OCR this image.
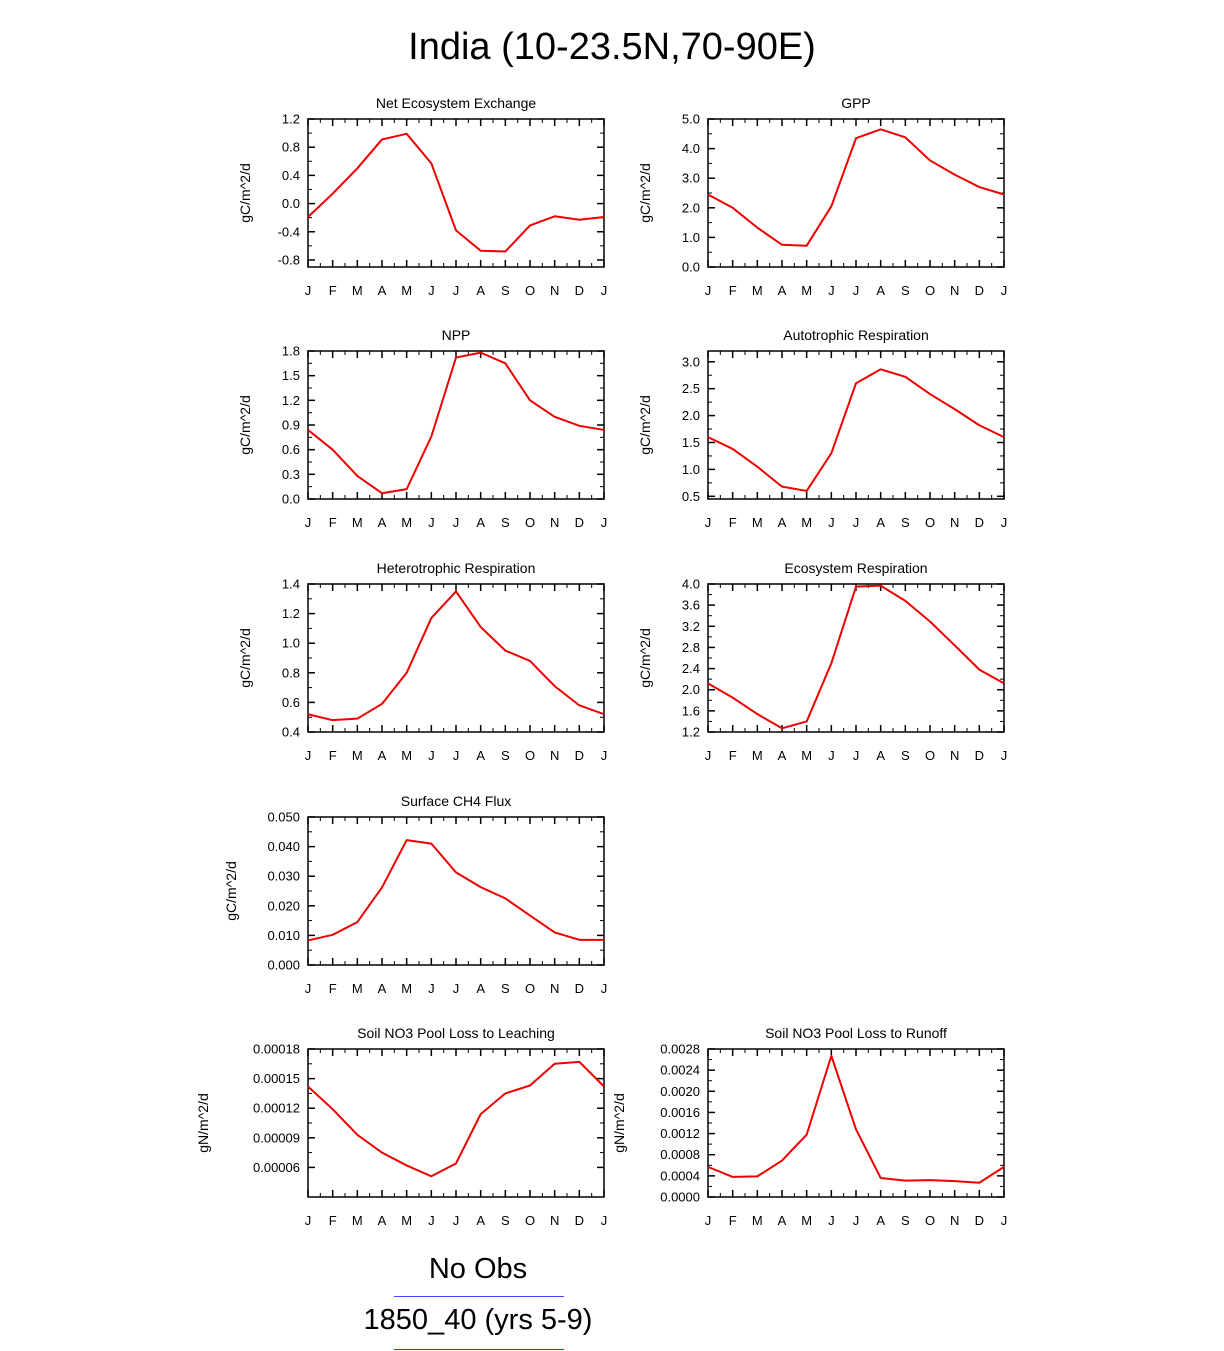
India (10-23.5N,70-90E)
Net Ecosystem Exchange
gC/m^2/d
J F M A M J J A S O N D J
-0.8
-0.4
0.0
0.4
0.8
1.2
GPP
gC/m^2/d
J F M A M J J A S O N D J
0.0
1.0
2.0
3.0
4.0
5.0
NPP
gC/m^2/d
J F M A M J J A S O N D J
0.0
0.3
0.6
0.9
1.2
1.5
1.8
Autotrophic Respiration
gC/m^2/d
J F M A M J J A S O N D J
0.5
1.0
1.5
2.0
2.5
3.0
Heterotrophic Respiration
gC/m^2/d
J F M A M J J A S O N D J
0.4
0.6
0.8
1.0
1.2
1.4
Ecosystem Respiration
gC/m^2/d
J F M A M J J A S O N D J
1.2
1.6
2.0
2.4
2.8
3.2
3.6
4.0
Surface CH4 Flux
gC/m^2/d
J F M A M J J A S O N D J
0.000
0.010
0.020
0.030
0.040
0.050
Soil NO3 Pool Loss to Leaching
gN/m^2/d
J F M A M J J A S O N D J
0.00006
0.00009
0.00012
0.00015
0.00018
Soil NO3 Pool Loss to Runoff
gN/m^2/d
J F M A M J J A S O N D J
0.0000
0.0004
0.0008
0.0012
0.0016
0.0020
0.0024
0.0028
No Obs
1850_40 (yrs 5-9)
